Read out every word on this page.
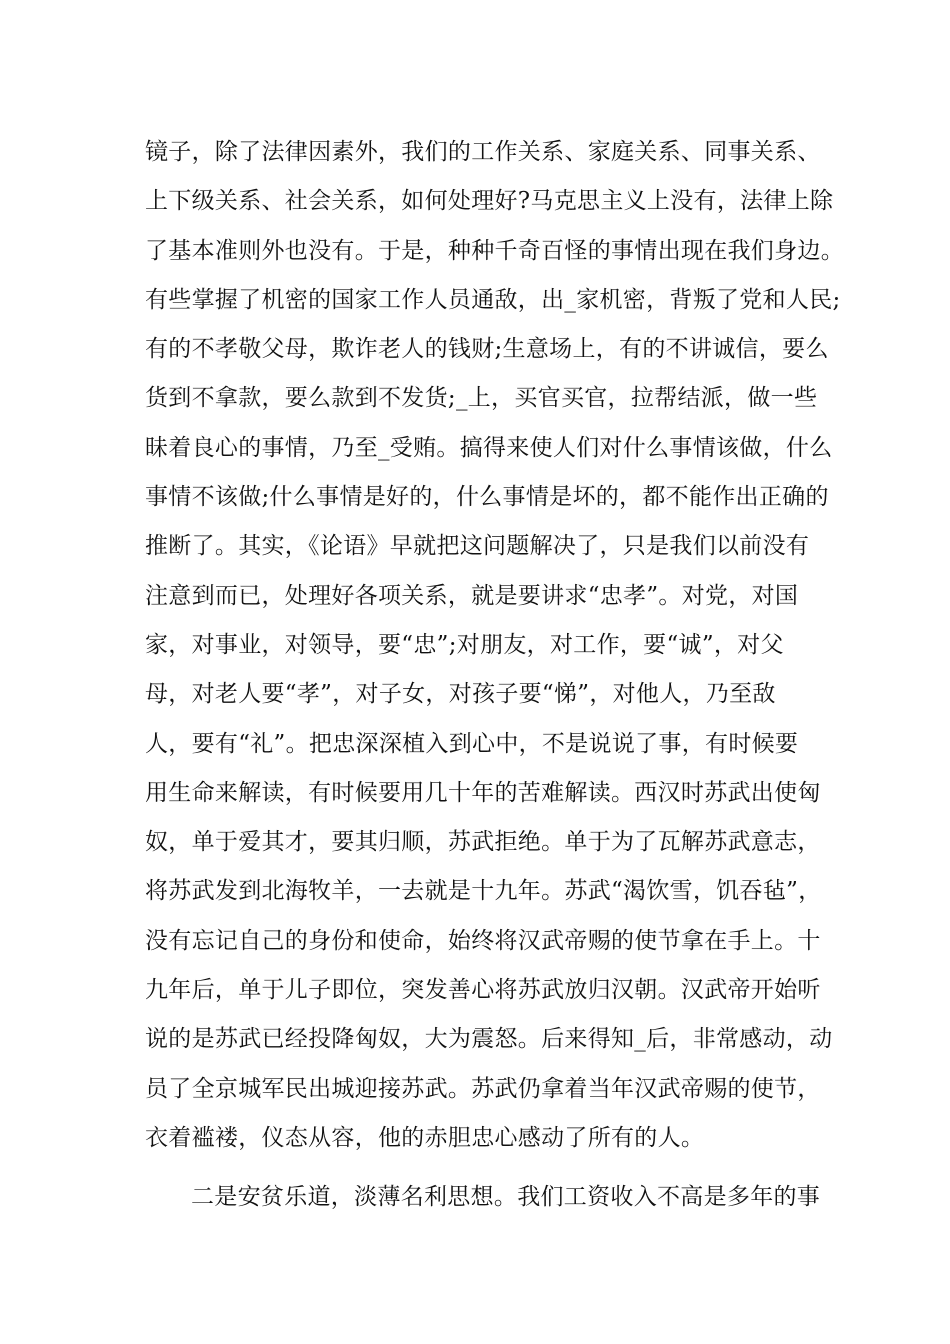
镜子，除了法律因素外，我们的工作关系、家庭关系、同事关系、
上下级关系、社会关系，如何处理好?马克思主义上没有，法律上除
了基本准则外也没有。于是，种种千奇百怪的事情出现在我们身边。
有些掌握了机密的国家工作人员通敌，出_家机密，背叛了党和人民;
有的不孝敬父母，欺诈老人的钱财;生意场上，有的不讲诚信，要么
货到不拿款，要么款到不发货;_上，买官买官，拉帮结派，做一些
昧着良心的事情，乃至_受贿。搞得来使人们对什么事情该做，什么
事情不该做;什么事情是好的，什么事情是坏的，都不能作出正确的
推断了。其实，《论语》早就把这问题解决了，只是我们以前没有
注意到而已，处理好各项关系，就是要讲求“忠孝”。对党，对国
家，对事业，对领导，要“忠”;对朋友，对工作，要“诚”，对父
母，对老人要“孝”，对子女，对孩子要“悌”，对他人，乃至敌
人，要有“礼”。把忠深深植入到心中，不是说说了事，有时候要
用生命来解读，有时候要用几十年的苦难解读。西汉时苏武出使匈
奴，单于爱其才，要其归顺，苏武拒绝。单于为了瓦解苏武意志，
将苏武发到北海牧羊，一去就是十九年。苏武“渴饮雪，饥吞毡”，
没有忘记自己的身份和使命，始终将汉武帝赐的使节拿在手上。十
九年后，单于儿子即位，突发善心将苏武放归汉朝。汉武帝开始听
说的是苏武已经投降匈奴，大为震怒。后来得知_后，非常感动，动
员了全京城军民出城迎接苏武。苏武仍拿着当年汉武帝赐的使节，
衣着褴褛，仪态从容，他的赤胆忠心感动了所有的人。
二是安贫乐道，淡薄名利思想。我们工资收入不高是多年的事
